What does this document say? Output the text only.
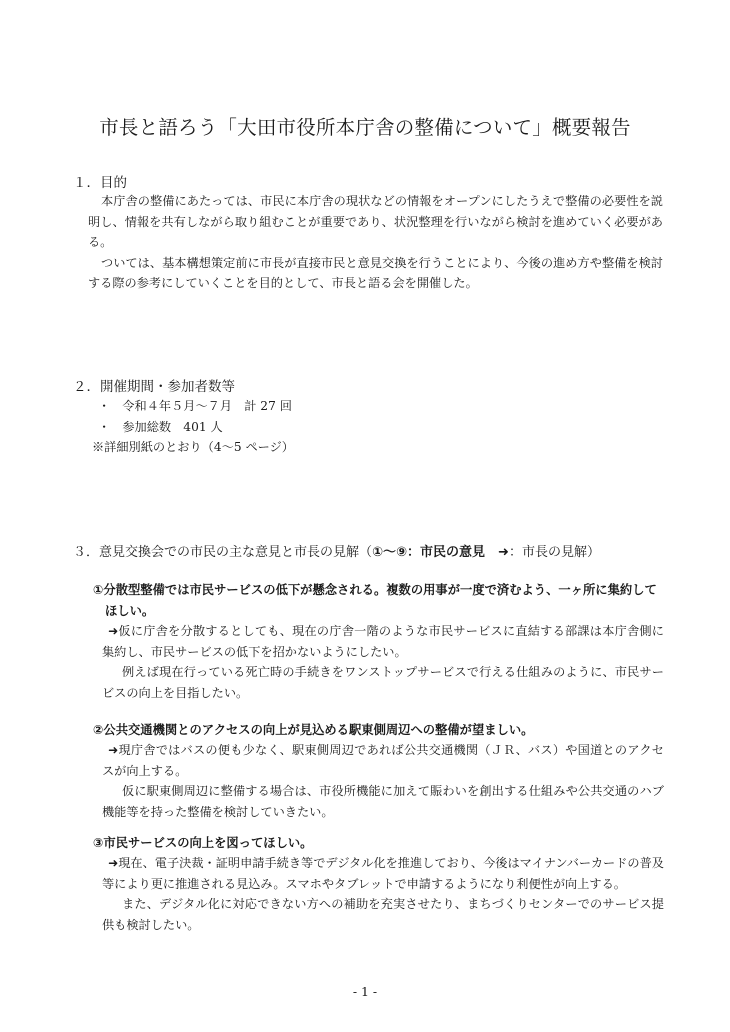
市長と語ろう「大田市役所本庁舎の整備について」概要報告
１．目的
本庁舎の整備にあたっては、市民に本庁舎の現状などの情報をオープンにしたうえで整備の必要性を説明し、情報を共有しながら取り組むことが重要であり、状況整理を行いながら検討を進めていく必要がある。
ついては、基本構想策定前に市長が直接市民と意見交換を行うことにより、今後の進め方や整備を検討する際の参考にしていくことを目的として、市長と語る会を開催した。
２．開催期間・参加者数等
・　令和４年５月～７月　計 27 回
・　参加総数　401 人
※詳細別紙のとおり（4～5 ページ）
３．意見交換会での市民の主な意見と市長の見解（①～⑨：市民の意見　➜：市長の見解）
①分散型整備では市民サービスの低下が懸念される。複数の用事が一度で済むよう、一ヶ所に集約してほしい。
➜仮に庁舎を分散するとしても、現在の庁舎一階のような市民サービスに直結する部課は本庁舎側に集約し、市民サービスの低下を招かないようにしたい。
例えば現在行っている死亡時の手続きをワンストップサービスで行える仕組みのように、市民サービスの向上を目指したい。
②公共交通機関とのアクセスの向上が見込める駅東側周辺への整備が望ましい。
➜現庁舎ではバスの便も少なく、駅東側周辺であれば公共交通機関（ＪＲ、バス）や国道とのアクセスが向上する。
仮に駅東側周辺に整備する場合は、市役所機能に加えて賑わいを創出する仕組みや公共交通のハブ機能等を持った整備を検討していきたい。
③市民サービスの向上を図ってほしい。
➜現在、電子決裁・証明申請手続き等でデジタル化を推進しており、今後はマイナンバーカードの普及等により更に推進される見込み。スマホやタブレットで申請するようになり利便性が向上する。
また、デジタル化に対応できない方への補助を充実させたり、まちづくりセンターでのサービス提供も検討したい。
- 1 -
